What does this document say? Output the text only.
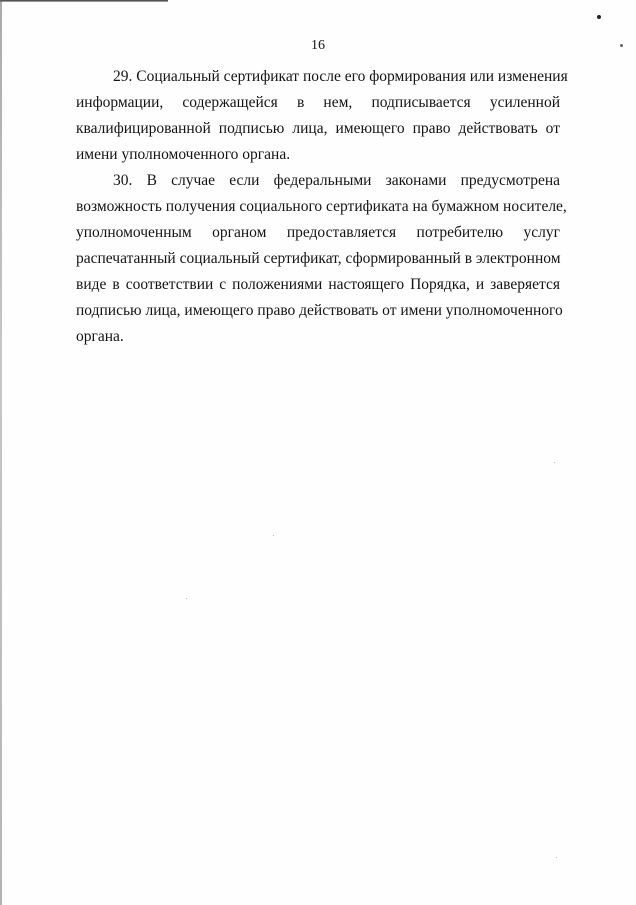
16
29. Социальный сертификат после его формирования или изменения
информации, содержащейся в нем, подписывается усиленной
квалифицированной подписью лица, имеющего право действовать от
имени уполномоченного органа.
30. В случае если федеральными законами предусмотрена
возможность получения социального сертификата на бумажном носителе,
уполномоченным органом предоставляется потребителю услуг
распечатанный социальный сертификат, сформированный в электронном
виде в соответствии с положениями настоящего Порядка, и заверяется
подписью лица, имеющего право действовать от имени уполномоченного
органа.
